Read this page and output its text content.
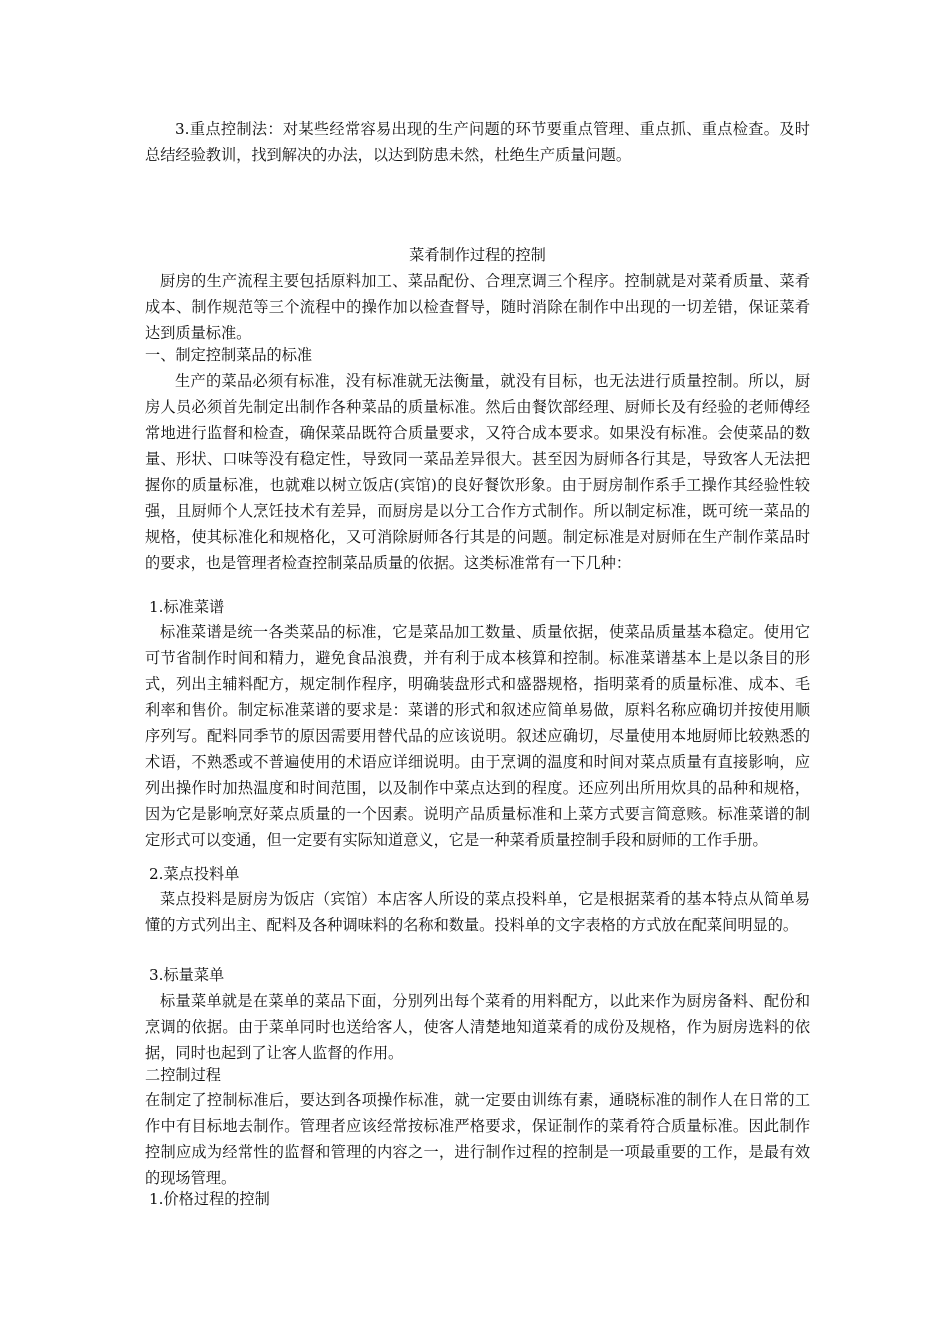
3.重点控制法：对某些经常容易出现的生产问题的环节要重点管理、重点抓、重点检查。及时总结经验教训，找到解决的办法，以达到防患未然，杜绝生产质量问题。
菜肴制作过程的控制
厨房的生产流程主要包括原料加工、菜品配份、合理烹调三个程序。控制就是对菜肴质量、菜肴成本、制作规范等三个流程中的操作加以检查督导，随时消除在制作中出现的一切差错，保证菜肴达到质量标准。
一、制定控制菜品的标准
生产的菜品必须有标准，没有标准就无法衡量，就没有目标，也无法进行质量控制。所以，厨房人员必须首先制定出制作各种菜品的质量标准。然后由餐饮部经理、厨师长及有经验的老师傅经常地进行监督和检查，确保菜品既符合质量要求，又符合成本要求。如果没有标准。会使菜品的数量、形状、口味等没有稳定性，导致同一菜品差异很大。甚至因为厨师各行其是，导致客人无法把握你的质量标准，也就难以树立饭店(宾馆)的良好餐饮形象。由于厨房制作系手工操作其经验性较强，且厨师个人烹饪技术有差异，而厨房是以分工合作方式制作。所以制定标准，既可统一菜品的规格，使其标准化和规格化，又可消除厨师各行其是的问题。制定标准是对厨师在生产制作菜品时的要求，也是管理者检查控制菜品质量的依据。这类标准常有一下几种：
1.标准菜谱
标准菜谱是统一各类菜品的标准，它是菜品加工数量、质量依据，使菜品质量基本稳定。使用它可节省制作时间和精力，避免食品浪费，并有利于成本核算和控制。标准菜谱基本上是以条目的形式，列出主辅料配方，规定制作程序，明确装盘形式和盛器规格，指明菜肴的质量标准、成本、毛利率和售价。制定标准菜谱的要求是：菜谱的形式和叙述应简单易做，原料名称应确切并按使用顺序列写。配料同季节的原因需要用替代品的应该说明。叙述应确切，尽量使用本地厨师比较熟悉的术语，不熟悉或不普遍使用的术语应详细说明。由于烹调的温度和时间对菜点质量有直接影响，应列出操作时加热温度和时间范围，以及制作中菜点达到的程度。还应列出所用炊具的品种和规格，因为它是影响烹好菜点质量的一个因素。说明产品质量标准和上菜方式要言简意赅。标准菜谱的制定形式可以变通，但一定要有实际知道意义，它是一种菜肴质量控制手段和厨师的工作手册。
2.菜点投料单
菜点投料是厨房为饭店（宾馆）本店客人所设的菜点投料单，它是根据菜肴的基本特点从简单易懂的方式列出主、配料及各种调味料的名称和数量。投料单的文字表格的方式放在配菜间明显的。
3.标量菜单
标量菜单就是在菜单的菜品下面，分别列出每个菜肴的用料配方，以此来作为厨房备料、配份和烹调的依据。由于菜单同时也送给客人，使客人清楚地知道菜肴的成份及规格，作为厨房选料的依据，同时也起到了让客人监督的作用。
二控制过程
在制定了控制标准后，要达到各项操作标准，就一定要由训练有素，通晓标准的制作人在日常的工作中有目标地去制作。管理者应该经常按标准严格要求，保证制作的菜肴符合质量标准。因此制作控制应成为经常性的监督和管理的内容之一，进行制作过程的控制是一项最重要的工作，是最有效的现场管理。
1.价格过程的控制
